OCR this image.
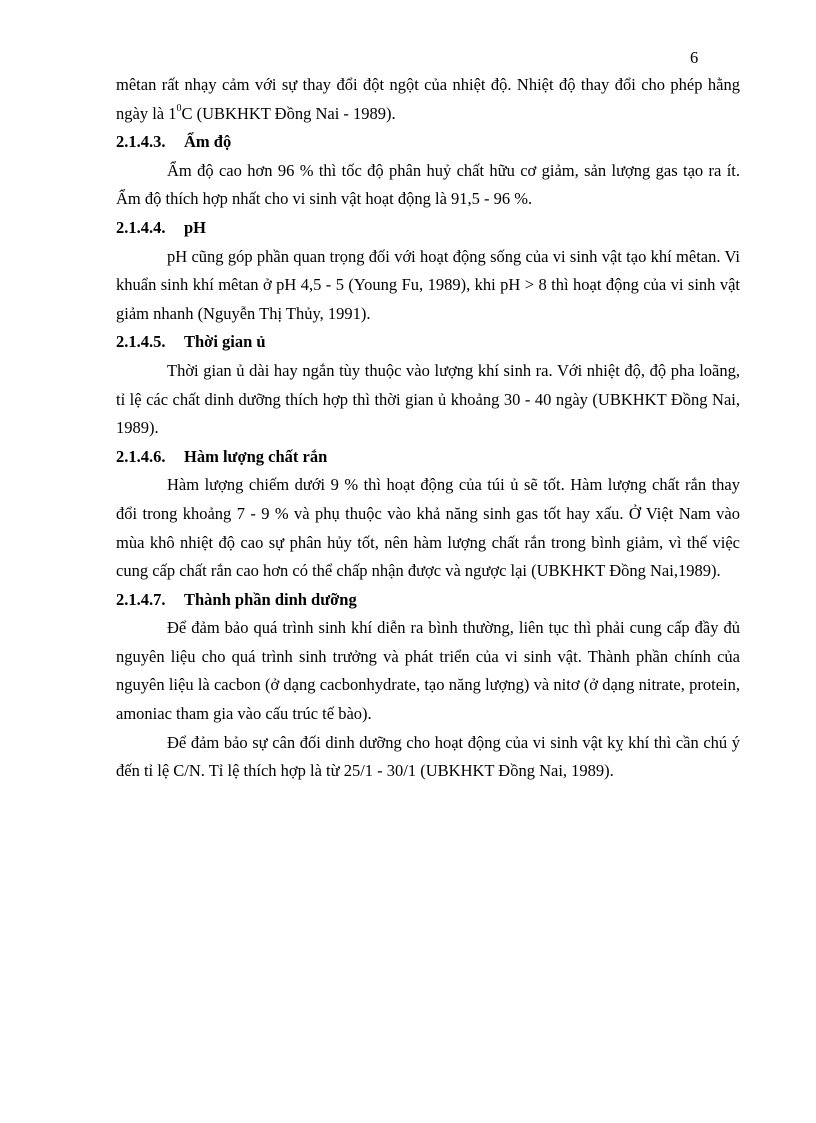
6

mêtan rất nhạy cảm với sự thay đổi đột ngột của nhiệt độ. Nhiệt độ thay đổi cho phép hằng ngày là $1^0C$ (UBKHKT Đồng Nai - 1989).

2.1.4.3. Ẩm độ

Ẩm độ cao hơn 96 % thì tốc độ phân huỷ chất hữu cơ giảm, sản lượng gas tạo ra ít. Ẩm độ thích hợp nhất cho vi sinh vật hoạt động là 91,5 - 96 %.

2.1.4.4. pH

pH cũng góp phần quan trọng đối với hoạt động sống của vi sinh vật tạo khí mêtan. Vi khuẩn sinh khí mêtan ở pH 4,5 - 5 (Young Fu, 1989), khi pH > 8 thì hoạt động của vi sinh vật giảm nhanh (Nguyễn Thị Thủy, 1991).

2.1.4.5. Thời gian ủ

Thời gian ủ dài hay ngắn tùy thuộc vào lượng khí sinh ra. Với nhiệt độ, độ pha loãng, tỉ lệ các chất dinh dưỡng thích hợp thì thời gian ủ khoảng 30 - 40 ngày (UBKHKT Đồng Nai, 1989).

2.1.4.6. Hàm lượng chất rắn

Hàm lượng chiếm dưới 9 % thì hoạt động của túi ủ sẽ tốt. Hàm lượng chất rắn thay đổi trong khoảng 7 - 9 % và phụ thuộc vào khả năng sinh gas tốt hay xấu. Ở Việt Nam vào mùa khô nhiệt độ cao sự phân hủy tốt, nên hàm lượng chất rắn trong bình giảm, vì thế việc cung cấp chất rắn cao hơn có thể chấp nhận được và ngược lại (UBKHKT Đồng Nai,1989).

2.1.4.7. Thành phần dinh dưỡng

Để đảm bảo quá trình sinh khí diễn ra bình thường, liên tục thì phải cung cấp đầy đủ nguyên liệu cho quá trình sinh trưởng và phát triển của vi sinh vật. Thành phần chính của nguyên liệu là cacbon (ở dạng cacbonhydrate, tạo năng lượng) và nitơ (ở dạng nitrate, protein, amoniac tham gia vào cấu trúc tế bào).

Để đảm bảo sự cân đối dinh dưỡng cho hoạt động của vi sinh vật kỵ khí thì cần chú ý đến tỉ lệ C/N. Tỉ lệ thích hợp là từ 25/1 - 30/1 (UBKHKT Đồng Nai, 1989).
